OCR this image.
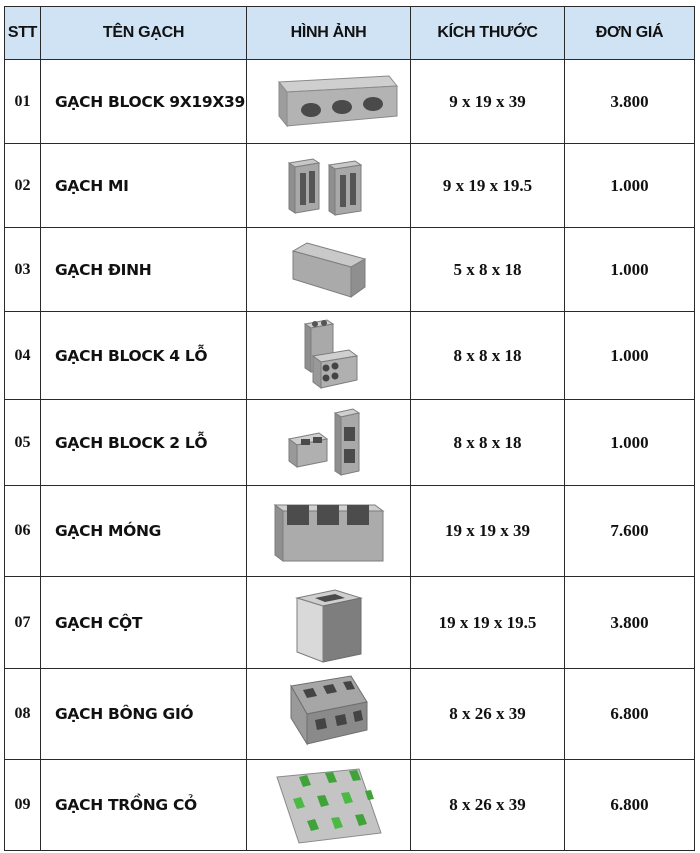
STT	TÊN GẠCH	HÌNH ẢNH	KÍCH THƯỚC	ĐƠN GIÁ
01	GẠCH BLOCK 9X19X39		9 x 19 x 39	3.800
02	GẠCH MI		9 x 19 x 19.5	1.000
03	GẠCH ĐINH		5 x 8 x 18	1.000
04	GẠCH BLOCK 4 LỖ		8 x 8 x 18	1.000
05	GẠCH BLOCK 2 LỖ		8 x 8 x 18	1.000
06	GẠCH MÓNG		19 x 19 x 39	7.600
07	GẠCH CỘT		19 x 19 x 19.5	3.800
08	GẠCH BÔNG GIÓ		8 x 26 x 39	6.800
09	GẠCH TRỒNG CỎ		8 x 26 x 39	6.800
